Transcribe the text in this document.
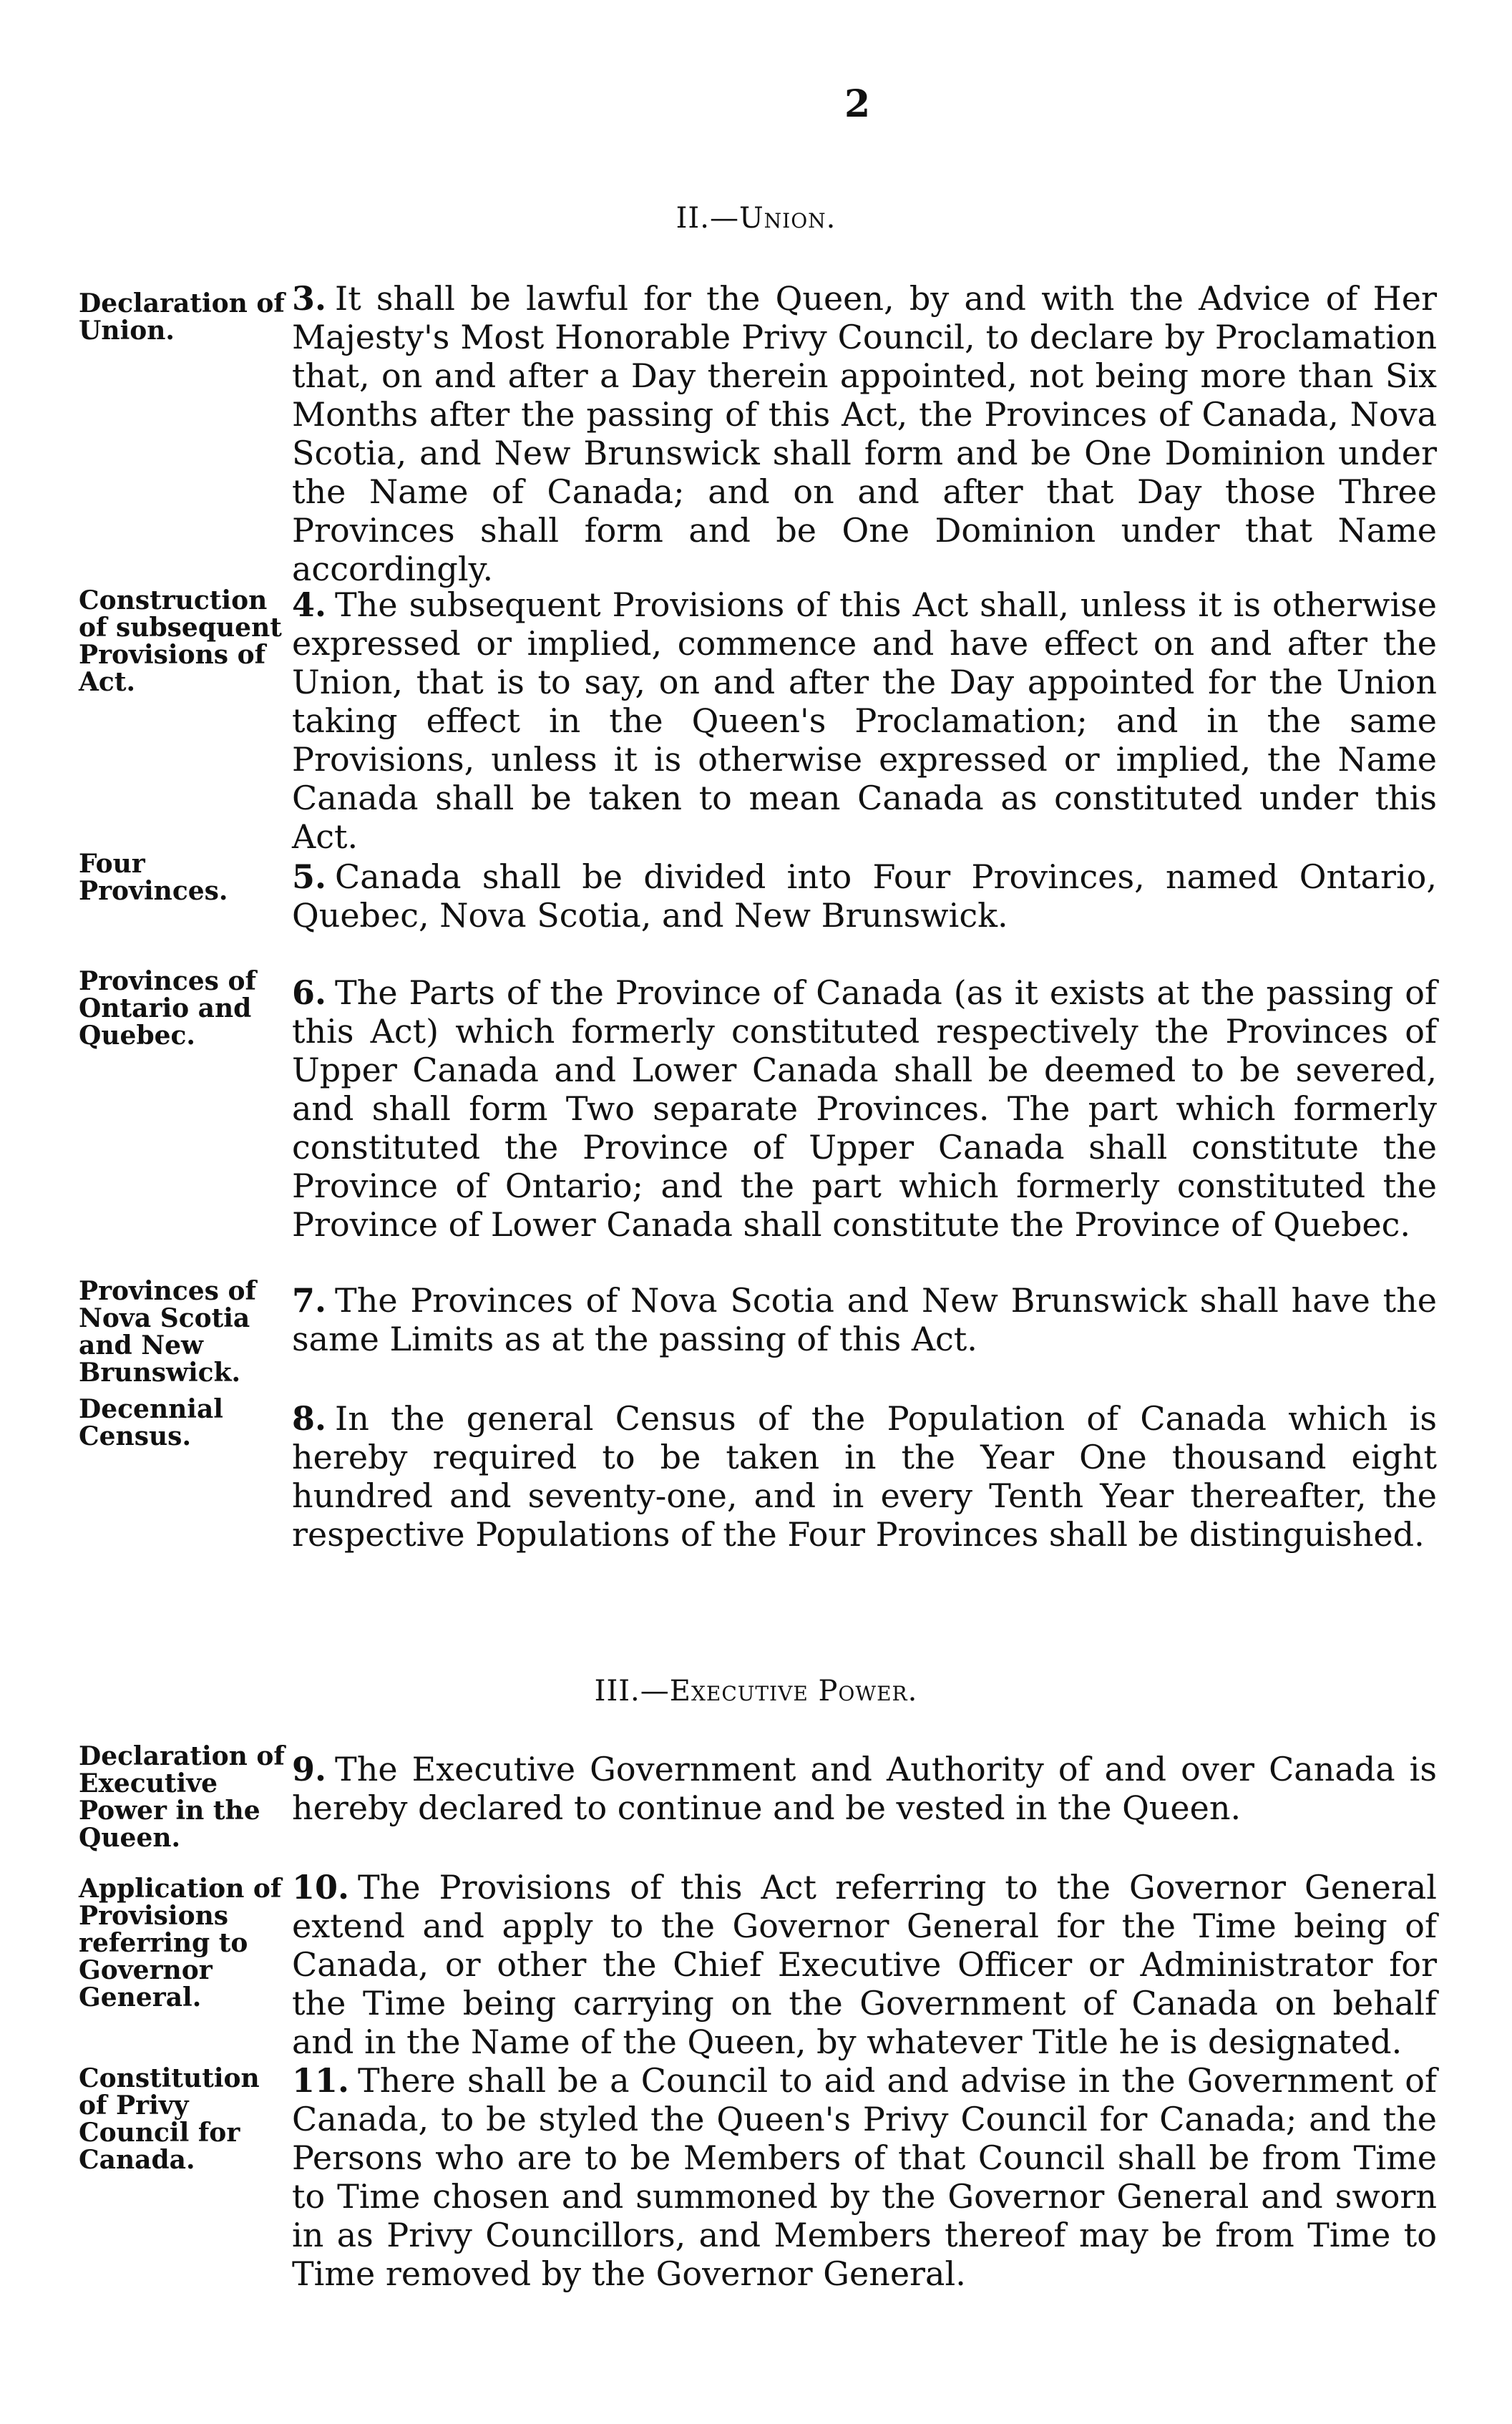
2
II.—Union.
Declaration of Union.
3. It shall be lawful for the Queen, by and with the Advice of Her Majesty's Most Honorable Privy Council, to declare by Proclamation that, on and after a Day therein appointed, not being more than Six Months after the passing of this Act, the Provinces of Canada, Nova Scotia, and New Brunswick shall form and be One Dominion under the Name of Canada; and on and after that Day those Three Provinces shall form and be One Dominion under that Name accordingly.
Construction of subsequent Provisions of Act.
4. The subsequent Provisions of this Act shall, unless it is otherwise expressed or implied, commence and have effect on and after the Union, that is to say, on and after the Day appointed for the Union taking effect in the Queen's Proclamation; and in the same Provisions, unless it is otherwise expressed or implied, the Name Canada shall be taken to mean Canada as constituted under this Act.
Four Provinces.	5. Canada shall be divided into Four Provinces, named Ontario, Quebec, Nova Scotia, and New Brunswick.
Provinces of Ontario and Quebec.
6. The Parts of the Province of Canada (as it exists at the passing of this Act) which formerly constituted respectively the Provinces of Upper Canada and Lower Canada shall be deemed to be severed, and shall form Two separate Provinces. The part which formerly constituted the Province of Upper Canada shall constitute the Province of Ontario; and the part which formerly constituted the Province of Lower Canada shall constitute the Province of Quebec.
Provinces of Nova Scotia and New Brunswick.
7. The Provinces of Nova Scotia and New Brunswick shall have the same Limits as at the passing of this Act.
Decennial Census.	8. In the general Census of the Population of Canada which is hereby required to be taken in the Year One thousand eight hundred and seventy-one, and in every Tenth Year thereafter, the respective Populations of the Four Provinces shall be distinguished.
III.—Executive Power.
Declaration of Executive Power in the Queen.
9. The Executive Government and Authority of and over Canada is hereby declared to continue and be vested in the Queen.
Application of Provisions referring to Governor General.
10. The Provisions of this Act referring to the Governor General extend and apply to the Governor General for the Time being of Canada, or other the Chief Executive Officer or Administrator for the Time being carrying on the Government of Canada on behalf and in the Name of the Queen, by whatever Title he is designated.
Constitution of Privy Council for Canada.
11. There shall be a Council to aid and advise in the Government of Canada, to be styled the Queen's Privy Council for Canada; and the Persons who are to be Members of that Council shall be from Time to Time chosen and summoned by the Governor General and sworn in as Privy Councillors, and Members thereof may be from Time to Time removed by the Governor General.
